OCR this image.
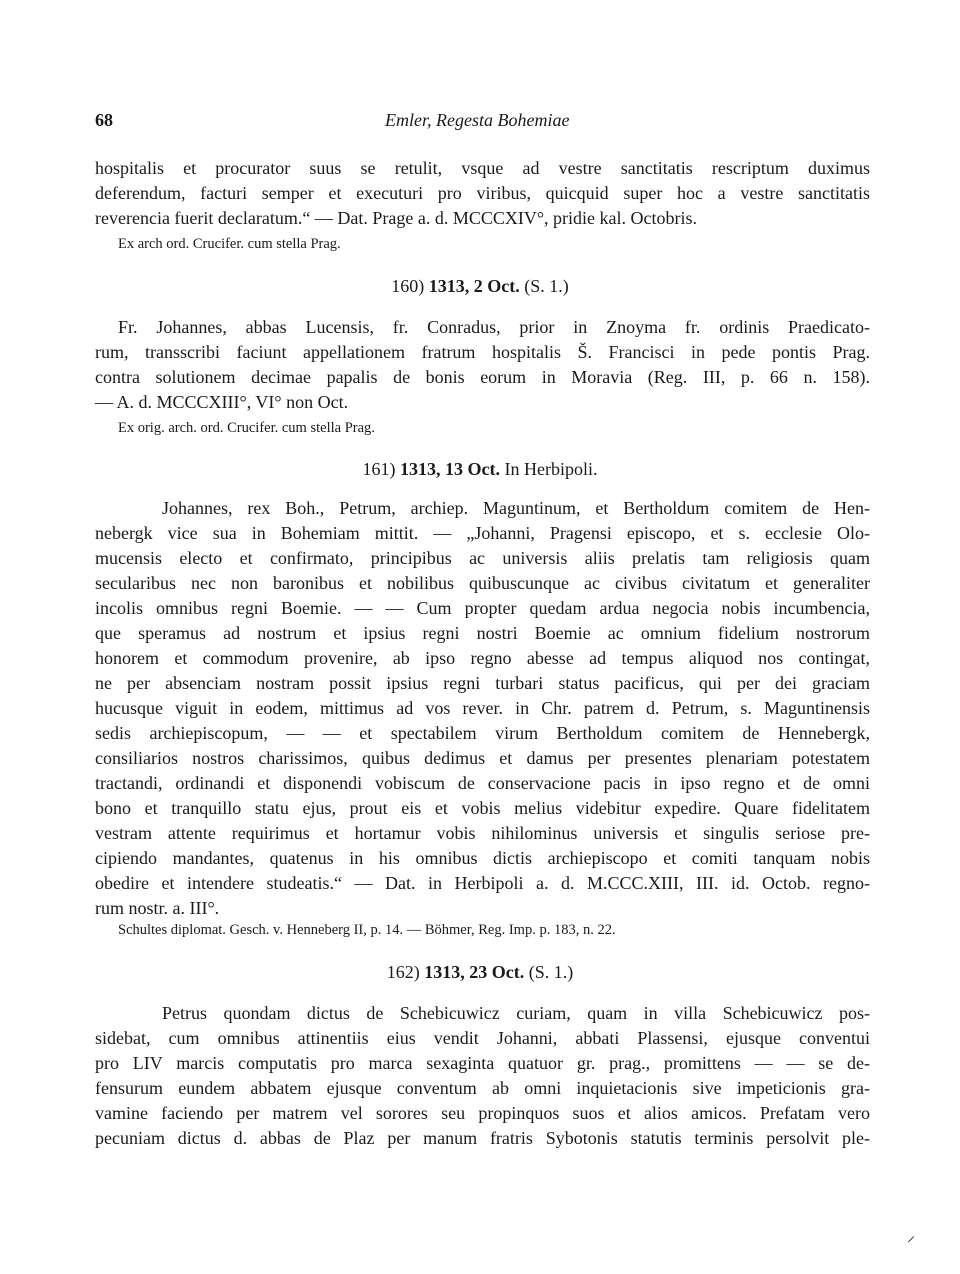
68	Emler, Regesta Bohemiae
hospitalis et procurator suus se retulit, vsque ad vestre sanctitatis rescriptum duximus
deferendum, facturi semper et executuri pro viribus, quicquid super hoc a vestre sanctitatis
reverencia fuerit declaratum.“ — Dat. Prage a. d. MCCCXIV°, pridie kal. Octobris.
Ex arch ord. Crucifer. cum stella Prag.
160) 1313, 2 Oct. (S. 1.)
Fr. Johannes, abbas Lucensis, fr. Conradus, prior in Znoyma fr. ordinis Praedicato-
rum, transscribi faciunt appellationem fratrum hospitalis Š. Francisci in pede pontis Prag.
contra solutionem decimae papalis de bonis eorum in Moravia (Reg. III, p. 66 n. 158).
— A. d. MCCCXIII°, VI° non Oct.
Ex orig. arch. ord. Crucifer. cum stella Prag.
161) 1313, 13 Oct. In Herbipoli.
Johannes, rex Boh., Petrum, archiep. Maguntinum, et Bertholdum comitem de Hen-
nebergk vice sua in Bohemiam mittit. — „Johanni, Pragensi episcopo, et s. ecclesie Olo-
mucensis electo et confirmato, principibus ac universis aliis prelatis tam religiosis quam
secularibus nec non baronibus et nobilibus quibuscunque ac civibus civitatum et generaliter
incolis omnibus regni Boemie. — — Cum propter quedam ardua negocia nobis incumbencia,
que speramus ad nostrum et ipsius regni nostri Boemie ac omnium fidelium nostrorum
honorem et commodum provenire, ab ipso regno abesse ad tempus aliquod nos contingat,
ne per absenciam nostram possit ipsius regni turbari status pacificus, qui per dei graciam
hucusque viguit in eodem, mittimus ad vos rever. in Chr. patrem d. Petrum, s. Maguntinensis
sedis archiepiscopum, — — et spectabilem virum Bertholdum comitem de Hennebergk,
consiliarios nostros charissimos, quibus dedimus et damus per presentes plenariam potestatem
tractandi, ordinandi et disponendi vobiscum de conservacione pacis in ipso regno et de omni
bono et tranquillo statu ejus, prout eis et vobis melius videbitur expedire. Quare fidelitatem
vestram attente requirimus et hortamur vobis nihilominus universis et singulis seriose pre-
cipiendo mandantes, quatenus in his omnibus dictis archiepiscopo et comiti tanquam nobis
obedire et intendere studeatis.“ — Dat. in Herbipoli a. d. M.CCC.XIII, III. id. Octob. regno-
rum nostr. a. III°.
Schultes diplomat. Gesch. v. Henneberg II, p. 14. — Böhmer, Reg. Imp. p. 183, n. 22.
162) 1313, 23 Oct. (S. 1.)
Petrus quondam dictus de Schebicuwicz curiam, quam in villa Schebicuwicz pos-
sidebat, cum omnibus attinentiis eius vendit Johanni, abbati Plassensi, ejusque conventui
pro LIV marcis computatis pro marca sexaginta quatuor gr. prag., promittens — — se de-
fensurum eundem abbatem ejusque conventum ab omni inquietacionis sive impeticionis gra-
vamine faciendo per matrem vel sorores seu propinquos suos et alios amicos. Prefatam vero
pecuniam dictus d. abbas de Plaz per manum fratris Sybotonis statutis terminis persolvit ple-
⸝
